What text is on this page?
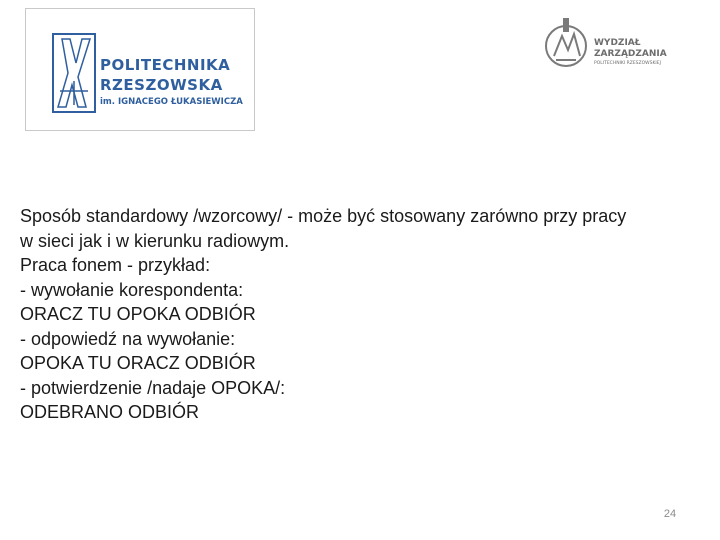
POLITECHNIKA
RZESZOWSKA
im. IGNACEGO ŁUKASIEWICZA
WYDZIAŁ
ZARZĄDZANIA
POLITECHNIKI RZESZOWSKIEJ
Sposób standardowy /wzorcowy/ - może być stosowany zarówno przy pracy
w sieci jak i w kierunku radiowym.
Praca fonem - przykład:
- wywołanie korespondenta:
ORACZ TU OPOKA ODBIÓR
- odpowiedź na wywołanie:
OPOKA TU ORACZ ODBIÓR
- potwierdzenie /nadaje OPOKA/:
ODEBRANO ODBIÓR
24
